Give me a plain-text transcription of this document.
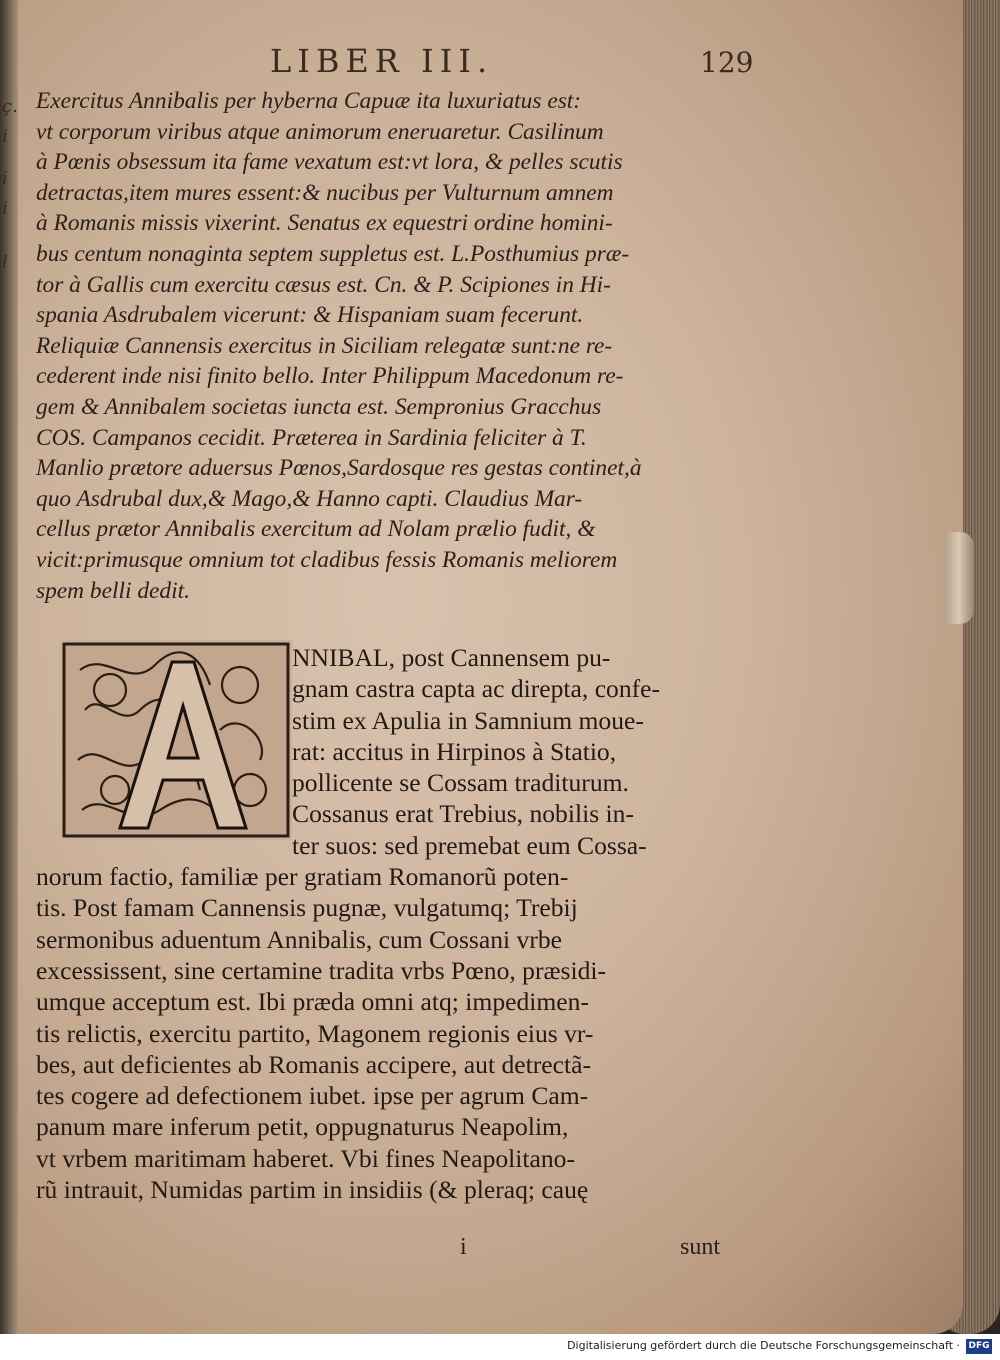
ç.
i
i
i
l
LIBER III.	129
Exercitus Annibalis per hyberna Capuæ ita luxuriatus est:
vt corporum viribus atque animorum eneruaretur. Casilinum
à Pœnis obsessum ita fame vexatum est:vt lora, & pelles scutis
detractas,item mures essent:& nucibus per Vulturnum amnem
à Romanis missis vixerint. Senatus ex equestri ordine homini-
bus centum nonaginta septem suppletus est. L.Posthumius præ-
tor à Gallis cum exercitu cæsus est. Cn. & P. Scipiones in Hi-
spania Asdrubalem vicerunt: & Hispaniam suam fecerunt.
Reliquiæ Cannensis exercitus in Siciliam relegatæ sunt:ne re-
cederent inde nisi finito bello. Inter Philippum Macedonum re-
gem & Annibalem societas iuncta est. Sempronius Gracchus
COS. Campanos cecidit. Præterea in Sardinia feliciter à T.
Manlio prætore aduersus Pœnos,Sardosque res gestas continet,à
quo Asdrubal dux,& Mago,& Hanno capti. Claudius Mar-
cellus prætor Annibalis exercitum ad Nolam prælio fudit, &
vicit:primusque omnium tot cladibus fessis Romanis meliorem
spem belli dedit.
NNIBAL, post Cannensem pu-
gnam castra capta ac direpta, confe-
stim ex Apulia in Samnium moue-
rat: accitus in Hirpinos à Statio,
pollicente se Cossam traditurum.
Cossanus erat Trebius, nobilis in-
ter suos: sed premebat eum Cossa-
norum factio, familiæ per gratiam Romanorũ poten-
tis. Post famam Cannensis pugnæ, vulgatumq; Trebij
sermonibus aduentum Annibalis, cum Cossani vrbe
excessissent, sine certamine tradita vrbs Pœno, præsidi-
umque acceptum est. Ibi præda omni atq; impedimen-
tis relictis, exercitu partito, Magonem regionis eius vr-
bes, aut deficientes ab Romanis accipere, aut detrectã-
tes cogere ad defectionem iubet. ipse per agrum Cam-
panum mare inferum petit, oppugnaturus Neapolim,
vt vrbem maritimam haberet. Vbi fines Neapolitano-
rũ intrauit, Numidas partim in insidiis (& pleraq; cauę
i	sunt
Digitalisierung gefördert durch die Deutsche Forschungsgemeinschaft · DFG
